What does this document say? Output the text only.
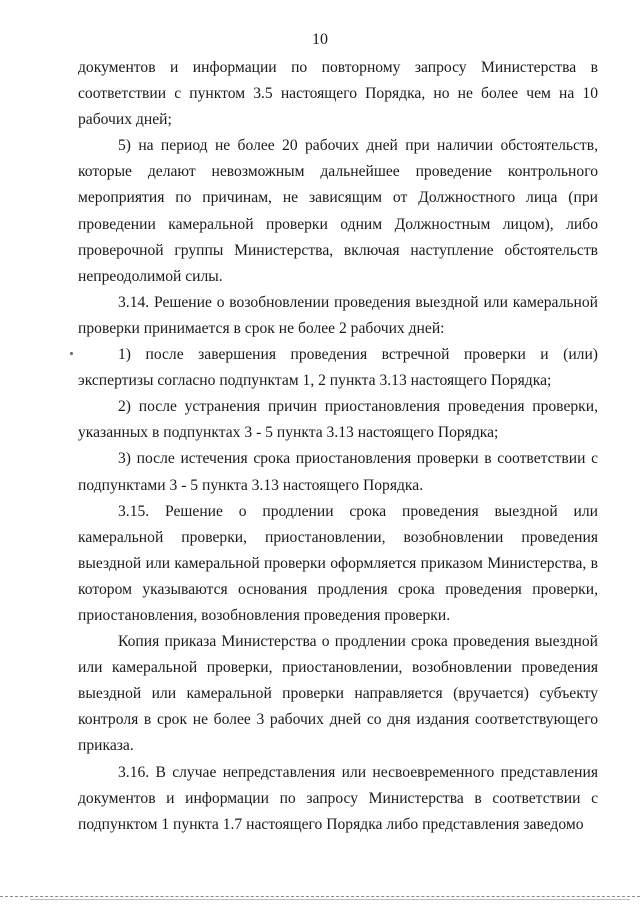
10

документов и информации по повторному запросу Министерства в соответствии с пунктом 3.5 настоящего Порядка, но не более чем на 10 рабочих дней;

5) на период не более 20 рабочих дней при наличии обстоятельств, которые делают невозможным дальнейшее проведение контрольного мероприятия по причинам, не зависящим от Должностного лица (при проведении камеральной проверки одним Должностным лицом), либо проверочной группы Министерства, включая наступление обстоятельств непреодолимой силы.

3.14. Решение о возобновлении проведения выездной или камеральной проверки принимается в срок не более 2 рабочих дней:

1) после завершения проведения встречной проверки и (или) экспертизы согласно подпунктам 1, 2 пункта 3.13 настоящего Порядка;

2) после устранения причин приостановления проведения проверки, указанных в подпунктах 3 - 5 пункта 3.13 настоящего Порядка;

3) после истечения срока приостановления проверки в соответствии с подпунктами 3 - 5 пункта 3.13 настоящего Порядка.

3.15. Решение о продлении срока проведения выездной или камеральной проверки, приостановлении, возобновлении проведения выездной или камеральной проверки оформляется приказом Министерства, в котором указываются основания продления срока проведения проверки, приостановления, возобновления проведения проверки.

Копия приказа Министерства о продлении срока проведения выездной или камеральной проверки, приостановлении, возобновлении проведения выездной или камеральной проверки направляется (вручается) субъекту контроля в срок не более 3 рабочих дней со дня издания соответствующего приказа.

3.16. В случае непредставления или несвоевременного представления документов и информации по запросу Министерства в соответствии с подпунктом 1 пункта 1.7 настоящего Порядка либо представления заведомо
